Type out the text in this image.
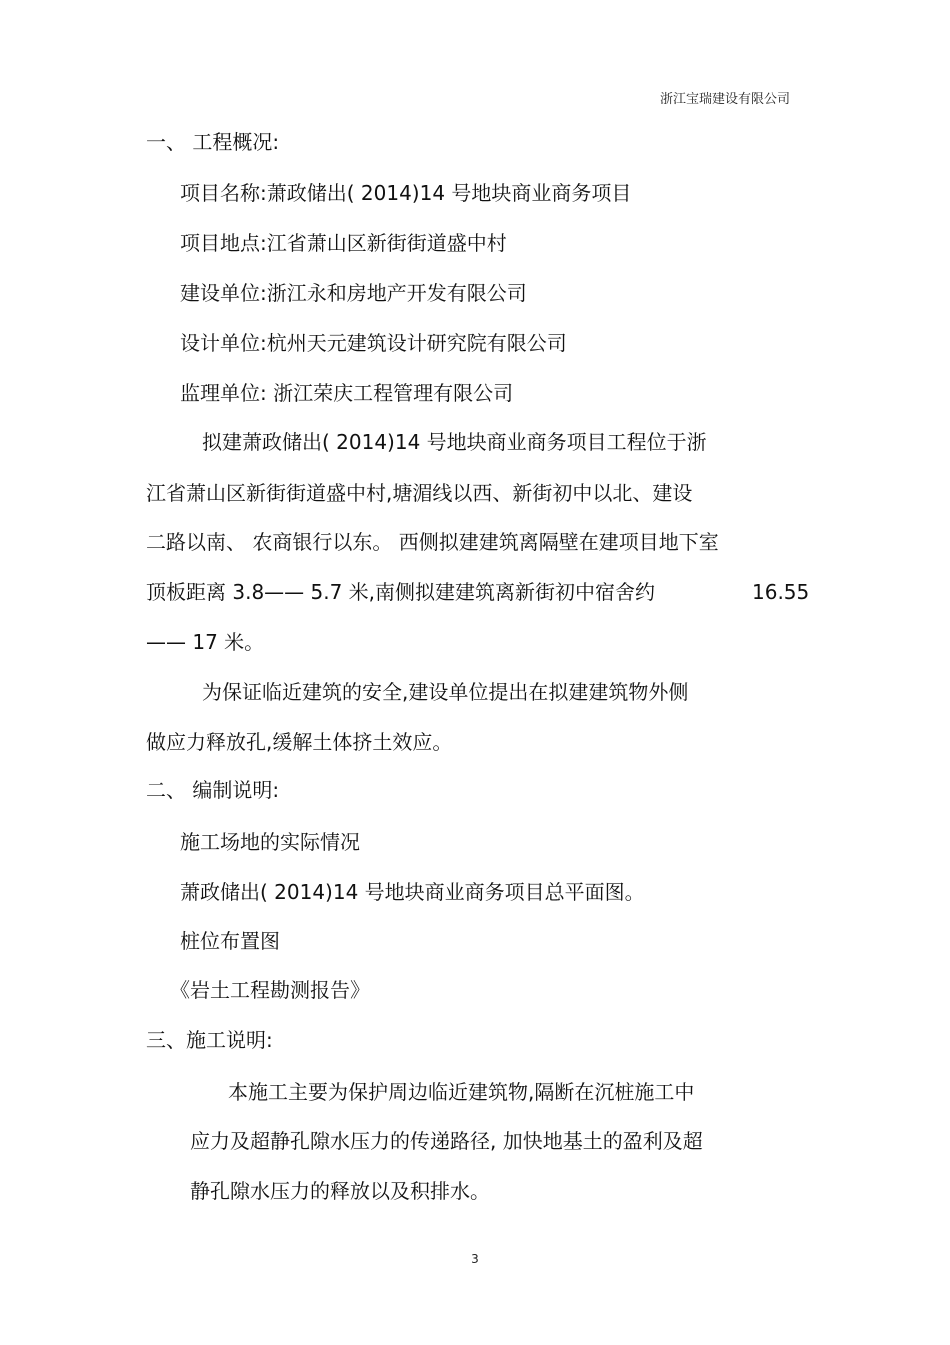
浙江宝瑞建设有限公司
一、 工程概况:
项目名称:萧政储出( 2014)14 号地块商业商务项目
项目地点:江省萧山区新街街道盛中村
建设单位:浙江永和房地产开发有限公司
设计单位:杭州天元建筑设计研究院有限公司
监理单位: 浙江荣庆工程管理有限公司
拟建萧政储出( 2014)14 号地块商业商务项目工程位于浙
江省萧山区新街街道盛中村,塘湄线以西、新街初中以北、建设
二路以南、 农商银行以东。 西侧拟建建筑离隔壁在建项目地下室
顶板距离 3.8—— 5.7 米,南侧拟建建筑离新街初中宿舍约	16.55
—— 17 米。
为保证临近建筑的安全,建设单位提出在拟建建筑物外侧
做应力释放孔,缓解土体挤土效应。
二、 编制说明:
施工场地的实际情况
萧政储出( 2014)14 号地块商业商务项目总平面图。
桩位布置图
《岩土工程勘测报告》
三、施工说明:
本施工主要为保护周边临近建筑物,隔断在沉桩施工中
应力及超静孔隙水压力的传递路径, 加快地基土的盈利及超
静孔隙水压力的释放以及积排水。
3
